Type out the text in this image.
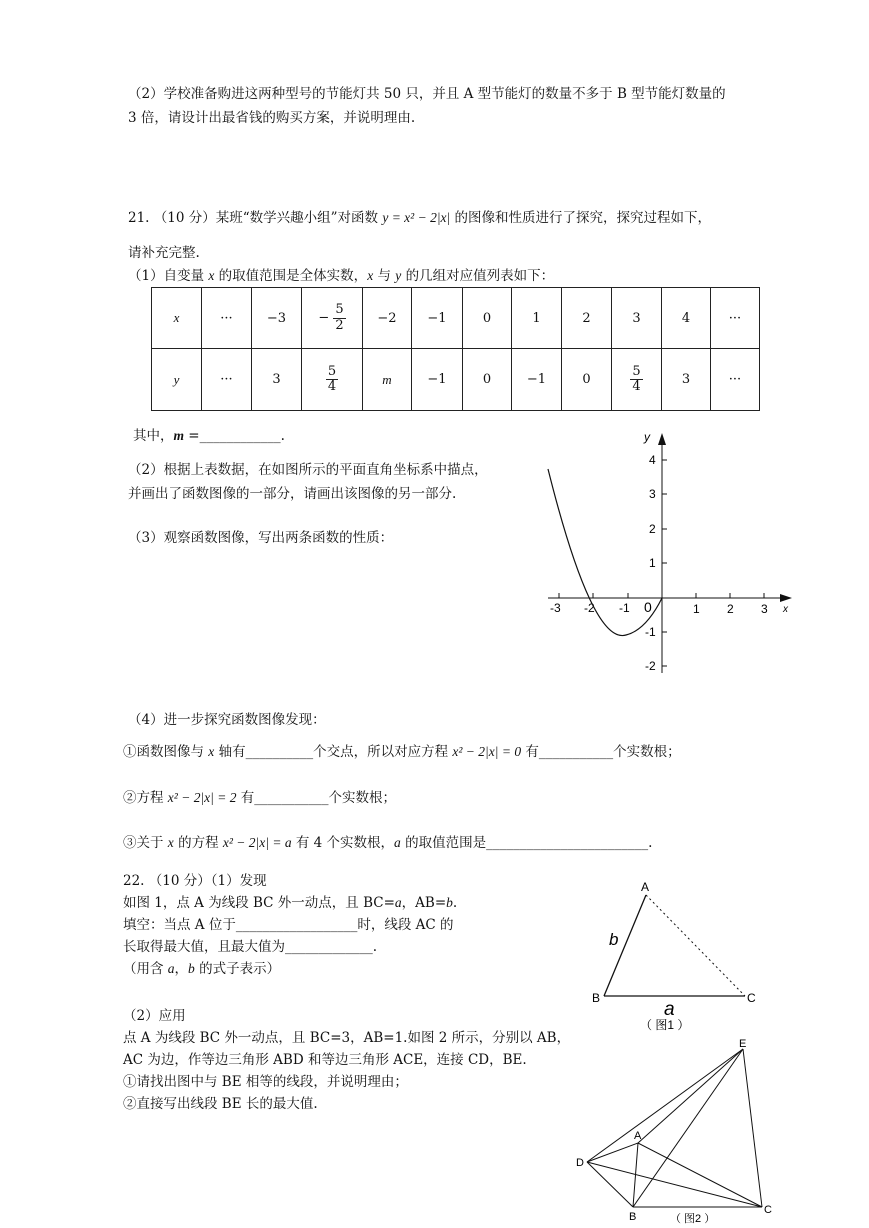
（2）学校准备购进这两种型号的节能灯共 50 只，并且 A 型节能灯的数量不多于 B 型节能灯数量的
3 倍，请设计出最省钱的购买方案，并说明理由.
21. （10 分）某班“数学兴趣小组”对函数 y = x² − 2|x| 的图像和性质进行了探究，探究过程如下，
请补充完整.
（1）自变量 x 的取值范围是全体实数，x 与 y 的几组对应值列表如下：
x	···	−3	− $\frac{5}{2}$	−2	−1	0	1	2	3	4	···
y	···	3	$\frac{5}{4}$	m	−1	0	−1	0	$\frac{5}{4}$	3	···
其中，m =____________.
（2）根据上表数据，在如图所示的平面直角坐标系中描点，
并画出了函数图像的一部分，请画出该图像的另一部分.
（3）观察函数图像，写出两条函数的性质：
y
x
0
-3 -2 -1	1 2 3
4
3
2
1
-1
-2
（4）进一步探究函数图像发现：
①函数图像与 x 轴有__________个交点，所以对应方程 x² − 2|x| = 0 有___________个实数根；
②方程 x² − 2|x| = 2 有___________个实数根；
③关于 x 的方程 x² − 2|x| = a 有 4 个实数根，a 的取值范围是________________________.
22. （10 分）（1）发现
如图 1，点 A 为线段 BC 外一动点，且 BC=a，AB=b.
填空：当点 A 位于__________________时，线段 AC 的
长取得最大值，且最大值为_____________.
（用含 a，b 的式子表示）
（2）应用
点 A 为线段 BC 外一动点，且 BC=3，AB=1.如图 2 所示，分别以 AB，
AC 为边，作等边三角形 ABD 和等边三角形 ACE，连接 CD，BE.
①请找出图中与 BE 相等的线段，并说明理由；
②直接写出线段 BE 长的最大值.
A
B	C
b
a
（ 图1 ）
A
B
C
D
E
（ 图2 ）
